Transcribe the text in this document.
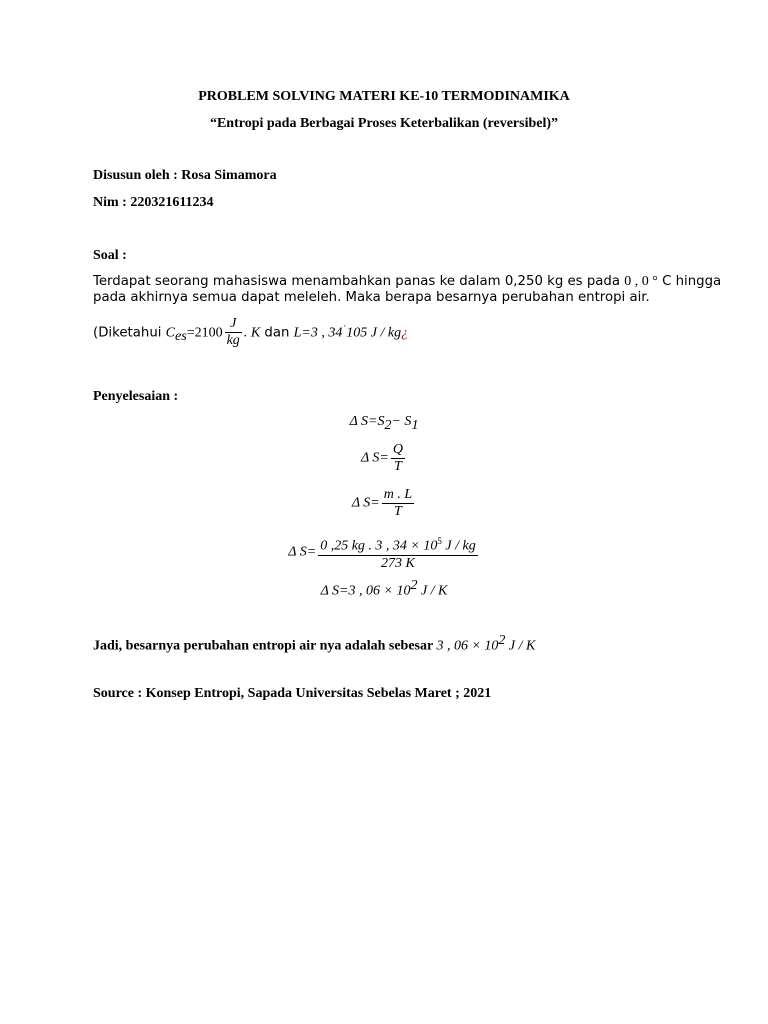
PROBLEM SOLVING MATERI KE-10 TERMODINAMIKA
“Entropi pada Berbagai Proses Keterbalikan (reversibel)”
Disusun oleh : Rosa Simamora
Nim : 220321611234
Soal :
Terdapat seorang mahasiswa menambahkan panas ke dalam 0,250 kg es pada 0 , 0 ° C hingga
pada akhirnya semua dapat meleleh. Maka berapa besarnya perubahan entropi air.
(Diketahui $C_{es}=2100 \frac{J}{kg}$ . K dan L=3 , 34·105 J / kg¿
Penyelesaian :
Δ $S=S_2- S_1$
Δ $S= \frac{Q}{T}$
Δ $S= \frac{m . L}{T}$
Δ $S= \frac{0 ,25 kg . 3 , 34 \times 10^5 J / kg}{273 K}$
Δ S=3 , $06 \times 10^2$ J / K
Jadi, besarnya perubahan entropi air nya adalah sebesar 3 , $06 \times 10^2$ J / K
Source : Konsep Entropi, Sapada Universitas Sebelas Maret ; 2021
